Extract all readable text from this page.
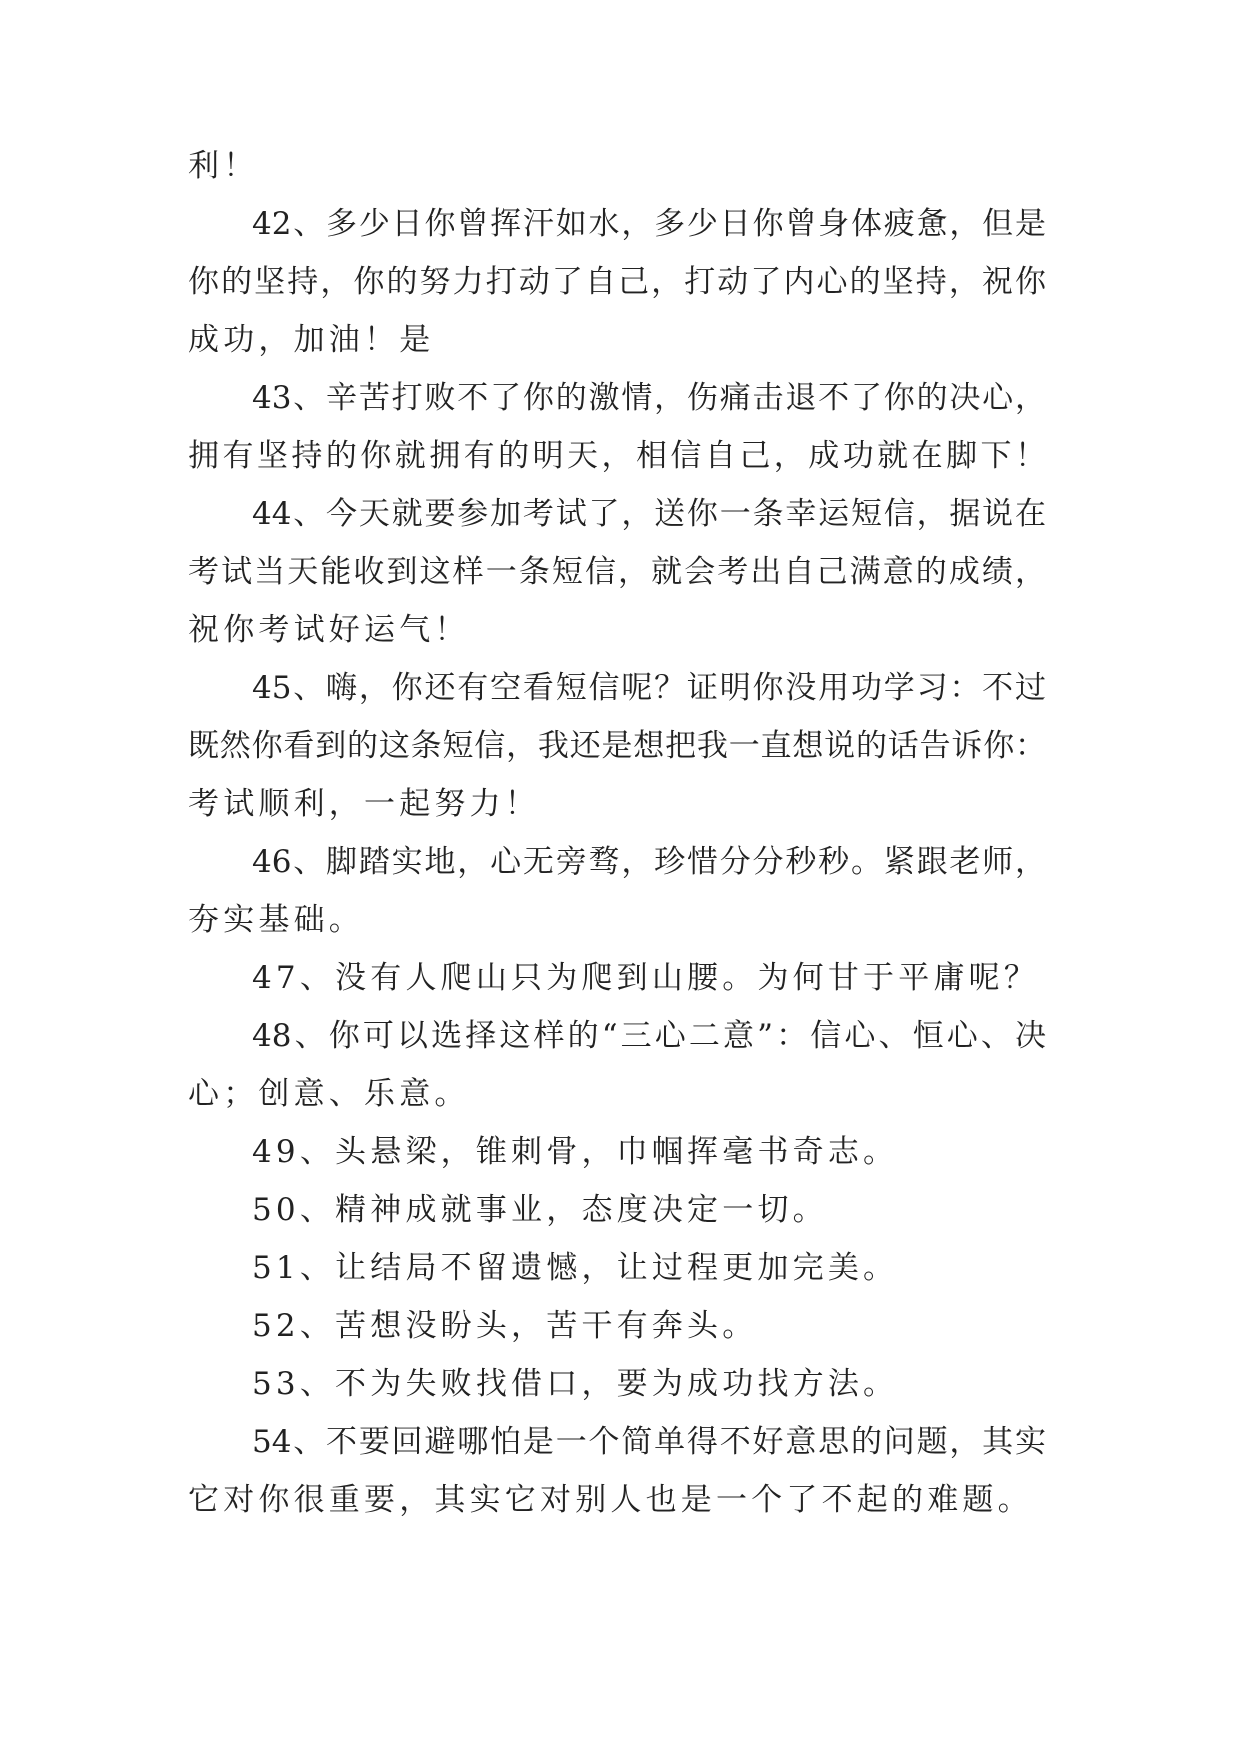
利！
42、多少日你曾挥汗如水，多少日你曾身体疲惫，但是
你的坚持，你的努力打动了自己，打动了内心的坚持，祝你
成功，加油！是
43、辛苦打败不了你的激情，伤痛击退不了你的决心，
拥有坚持的你就拥有的明天，相信自己，成功就在脚下！
44、今天就要参加考试了，送你一条幸运短信，据说在
考试当天能收到这样一条短信，就会考出自己满意的成绩，
祝你考试好运气！
45、嗨，你还有空看短信呢？证明你没用功学习：不过
既然你看到的这条短信，我还是想把我一直想说的话告诉你：
考试顺利，一起努力！
46、脚踏实地，心无旁骛，珍惜分分秒秒。紧跟老师，
夯实基础。
47、没有人爬山只为爬到山腰。为何甘于平庸呢？
48、你可以选择这样的“三心二意”：信心、恒心、决
心；创意、乐意。
49、头悬梁，锥刺骨，巾帼挥毫书奇志。
50、精神成就事业，态度决定一切。
51、让结局不留遗憾，让过程更加完美。
52、苦想没盼头，苦干有奔头。
53、不为失败找借口，要为成功找方法。
54、不要回避哪怕是一个简单得不好意思的问题，其实
它对你很重要，其实它对别人也是一个了不起的难题。
